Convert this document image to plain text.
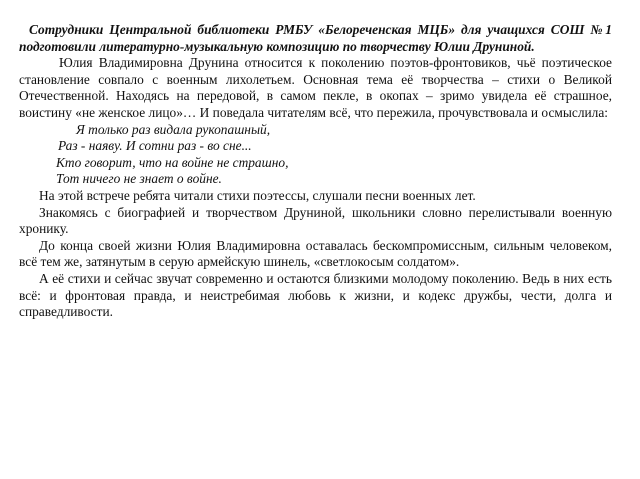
Сотрудники Центральной библиотеки РМБУ «Белореченская МЦБ» для учащихся СОШ №1 подготовили литературно-музыкальную композицию по творчеству Юлии Друниной.

Юлия Владимировна Друнина относится к поколению поэтов-фронтовиков, чьё поэтическое становление совпало с военным лихолетьем. Основная тема её творчества – стихи о Великой Отечественной. Находясь на передовой, в самом пекле, в окопах – зримо увидела её страшное, воистину «не женское лицо»… И поведала читателям всё, что пережила, прочувствовала и осмыслила:

Я только раз видала рукопашный,
Раз - наяву. И сотни раз - во сне...
Кто говорит, что на войне не страшно,
Тот ничего не знает о войне.

На этой встрече ребята читали стихи поэтессы, слушали песни военных лет.

Знакомясь с биографией и творчеством Друниной, школьники словно перелистывали военную хронику.

До конца своей жизни Юлия Владимировна оставалась бескомпромиссным, сильным человеком, всё тем же, затянутым в серую армейскую шинель, «светлокосым солдатом».

А её стихи и сейчас звучат современно и остаются близкими молодому поколению. Ведь в них есть всё: и фронтовая правда, и неистребимая любовь к жизни, и кодекс дружбы, чести, долга и справедливости.
